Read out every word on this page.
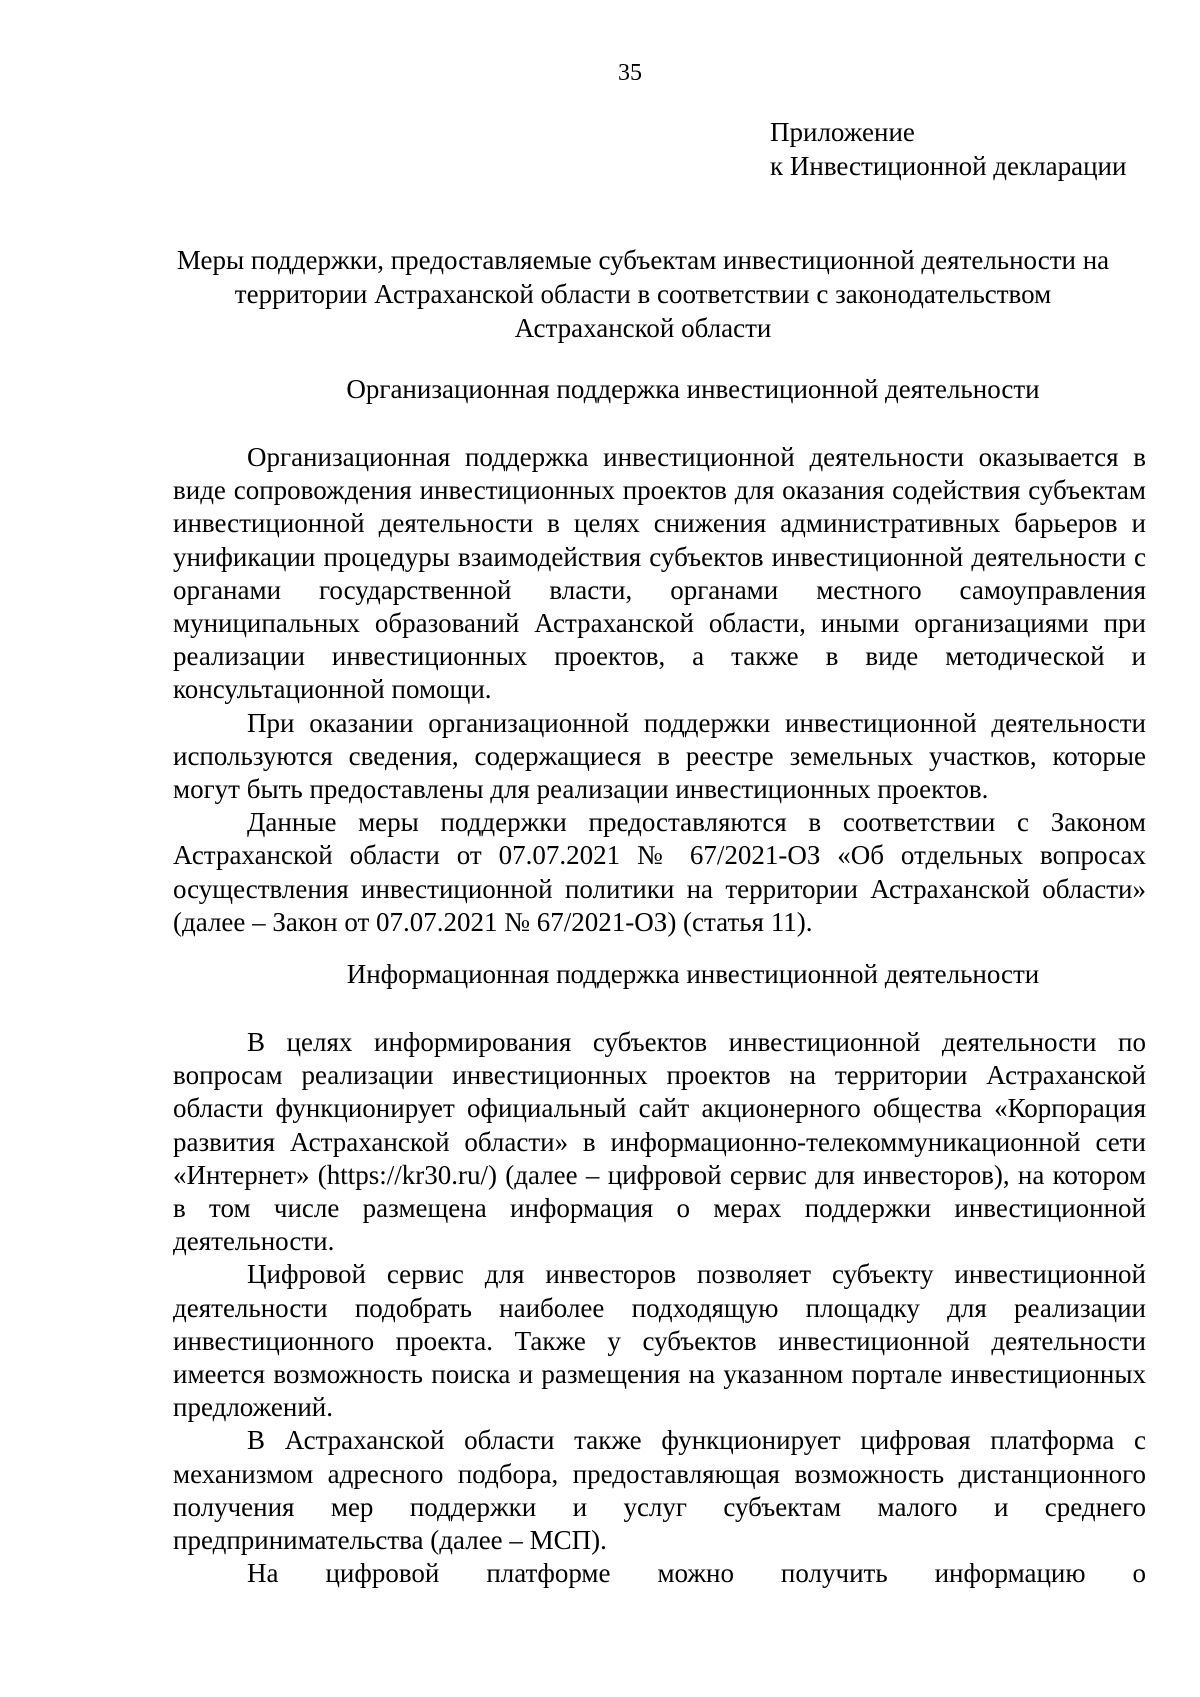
35
Приложение
к Инвестиционной декларации
Меры поддержки, предоставляемые субъектам инвестиционной деятельности на территории Астраханской области в соответствии с законодательством Астраханской области
Организационная поддержка инвестиционной деятельности

Организационная поддержка инвестиционной деятельности оказывается в виде сопровождения инвестиционных проектов для оказания содействия субъектам инвестиционной деятельности в целях снижения административных барьеров и унификации процедуры взаимодействия субъектов инвестиционной деятельности с органами государственной власти, органами местного самоуправления муниципальных образований Астраханской области, иными организациями при реализации инвестиционных проектов, а также в виде методической и консультационной помощи.

При оказании организационной поддержки инвестиционной деятельности используются сведения, содержащиеся в реестре земельных участков, которые могут быть предоставлены для реализации инвестиционных проектов.

Данные меры поддержки предоставляются в соответствии с Законом Астраханской области от 07.07.2021 № 67/2021-ОЗ «Об отдельных вопросах осуществления инвестиционной политики на территории Астраханской области» (далее – Закон от 07.07.2021 № 67/2021-ОЗ) (статья 11).

Информационная поддержка инвестиционной деятельности

В целях информирования субъектов инвестиционной деятельности по вопросам реализации инвестиционных проектов на территории Астраханской области функционирует официальный сайт акционерного общества «Корпорация развития Астраханской области» в информационно-телекоммуникационной сети «Интернет» (https://kr30.ru/) (далее – цифровой сервис для инвесторов), на котором в том числе размещена информация о мерах поддержки инвестиционной деятельности.

Цифровой сервис для инвесторов позволяет субъекту инвестиционной деятельности подобрать наиболее подходящую площадку для реализации инвестиционного проекта. Также у субъектов инвестиционной деятельности имеется возможность поиска и размещения на указанном портале инвестиционных предложений.

В Астраханской области также функционирует цифровая платформа с механизмом адресного подбора, предоставляющая возможность дистанционного получения мер поддержки и услуг субъектам малого и среднего предпринимательства (далее – МСП).

На цифровой платформе можно получить информацию о
